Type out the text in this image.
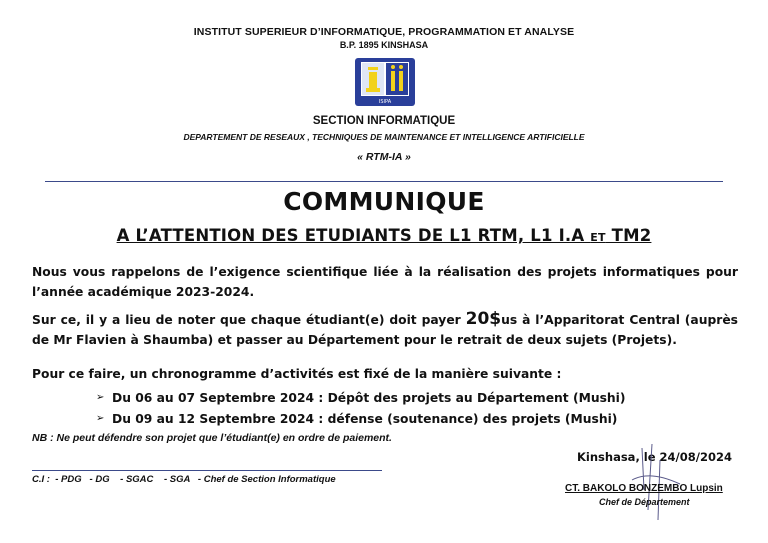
INSTITUT SUPERIEUR D’INFORMATIQUE, PROGRAMMATION ET ANALYSE
B.P. 1895 KINSHASA
ISIPA
SECTION INFORMATIQUE
DEPARTEMENT DE RESEAUX , TECHNIQUES DE MAINTENANCE ET INTELLIGENCE ARTIFICIELLE
« RTM-IA »
COMMUNIQUE
A L’ATTENTION DES ETUDIANTS DE L1 RTM, L1 I.A ET TM2
Nous vous rappelons de l’exigence scientifique liée à la réalisation des projets informatiques pour l’année académique 2023-2024.
Sur ce, il y a lieu de noter que chaque étudiant(e) doit payer 20$us à l’Apparitorat Central (auprès de Mr Flavien à Shaumba) et passer au Département pour le retrait de deux sujets (Projets).
Pour ce faire, un chronogramme d’activités est fixé de la manière suivante :
➢ Du 06 au 07 Septembre 2024 : Dépôt des projets au Département (Mushi)
➢ Du 09 au 12 Septembre 2024 : défense (soutenance) des projets (Mushi)
NB : Ne peut défendre son projet que l’étudiant(e) en ordre de paiement.
Kinshasa, le 24/08/2024
C.I :  - PDG   - DG    - SGAC    - SGA   - Chef de Section Informatique
CT. BAKOLO BONZEMBO Lupsin
Chef de Département
